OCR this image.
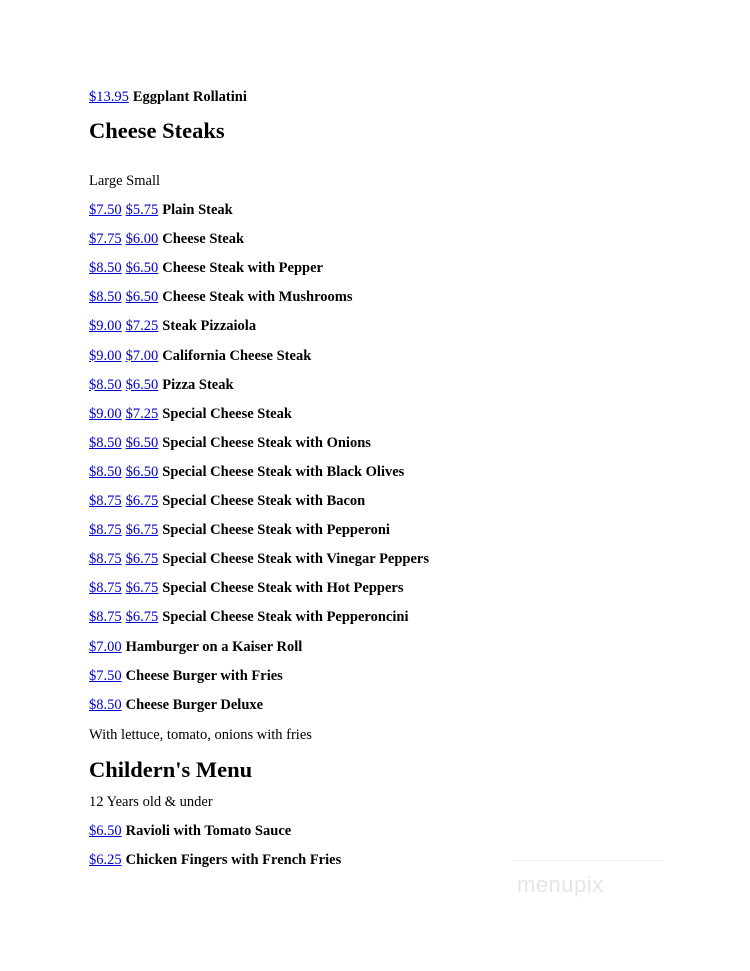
$13.95 Eggplant Rollatini
Cheese Steaks
Large Small
$7.50 $5.75 Plain Steak
$7.75 $6.00 Cheese Steak
$8.50 $6.50 Cheese Steak with Pepper
$8.50 $6.50 Cheese Steak with Mushrooms
$9.00 $7.25 Steak Pizzaiola
$9.00 $7.00 California Cheese Steak
$8.50 $6.50 Pizza Steak
$9.00 $7.25 Special Cheese Steak
$8.50 $6.50 Special Cheese Steak with Onions
$8.50 $6.50 Special Cheese Steak with Black Olives
$8.75 $6.75 Special Cheese Steak with Bacon
$8.75 $6.75 Special Cheese Steak with Pepperoni
$8.75 $6.75 Special Cheese Steak with Vinegar Peppers
$8.75 $6.75 Special Cheese Steak with Hot Peppers
$8.75 $6.75 Special Cheese Steak with Pepperoncini
$7.00 Hamburger on a Kaiser Roll
$7.50 Cheese Burger with Fries
$8.50 Cheese Burger Deluxe
With lettuce, tomato, onions with fries
Childern's Menu
12 Years old & under
$6.50 Ravioli with Tomato Sauce
$6.25 Chicken Fingers with French Fries
menupix
